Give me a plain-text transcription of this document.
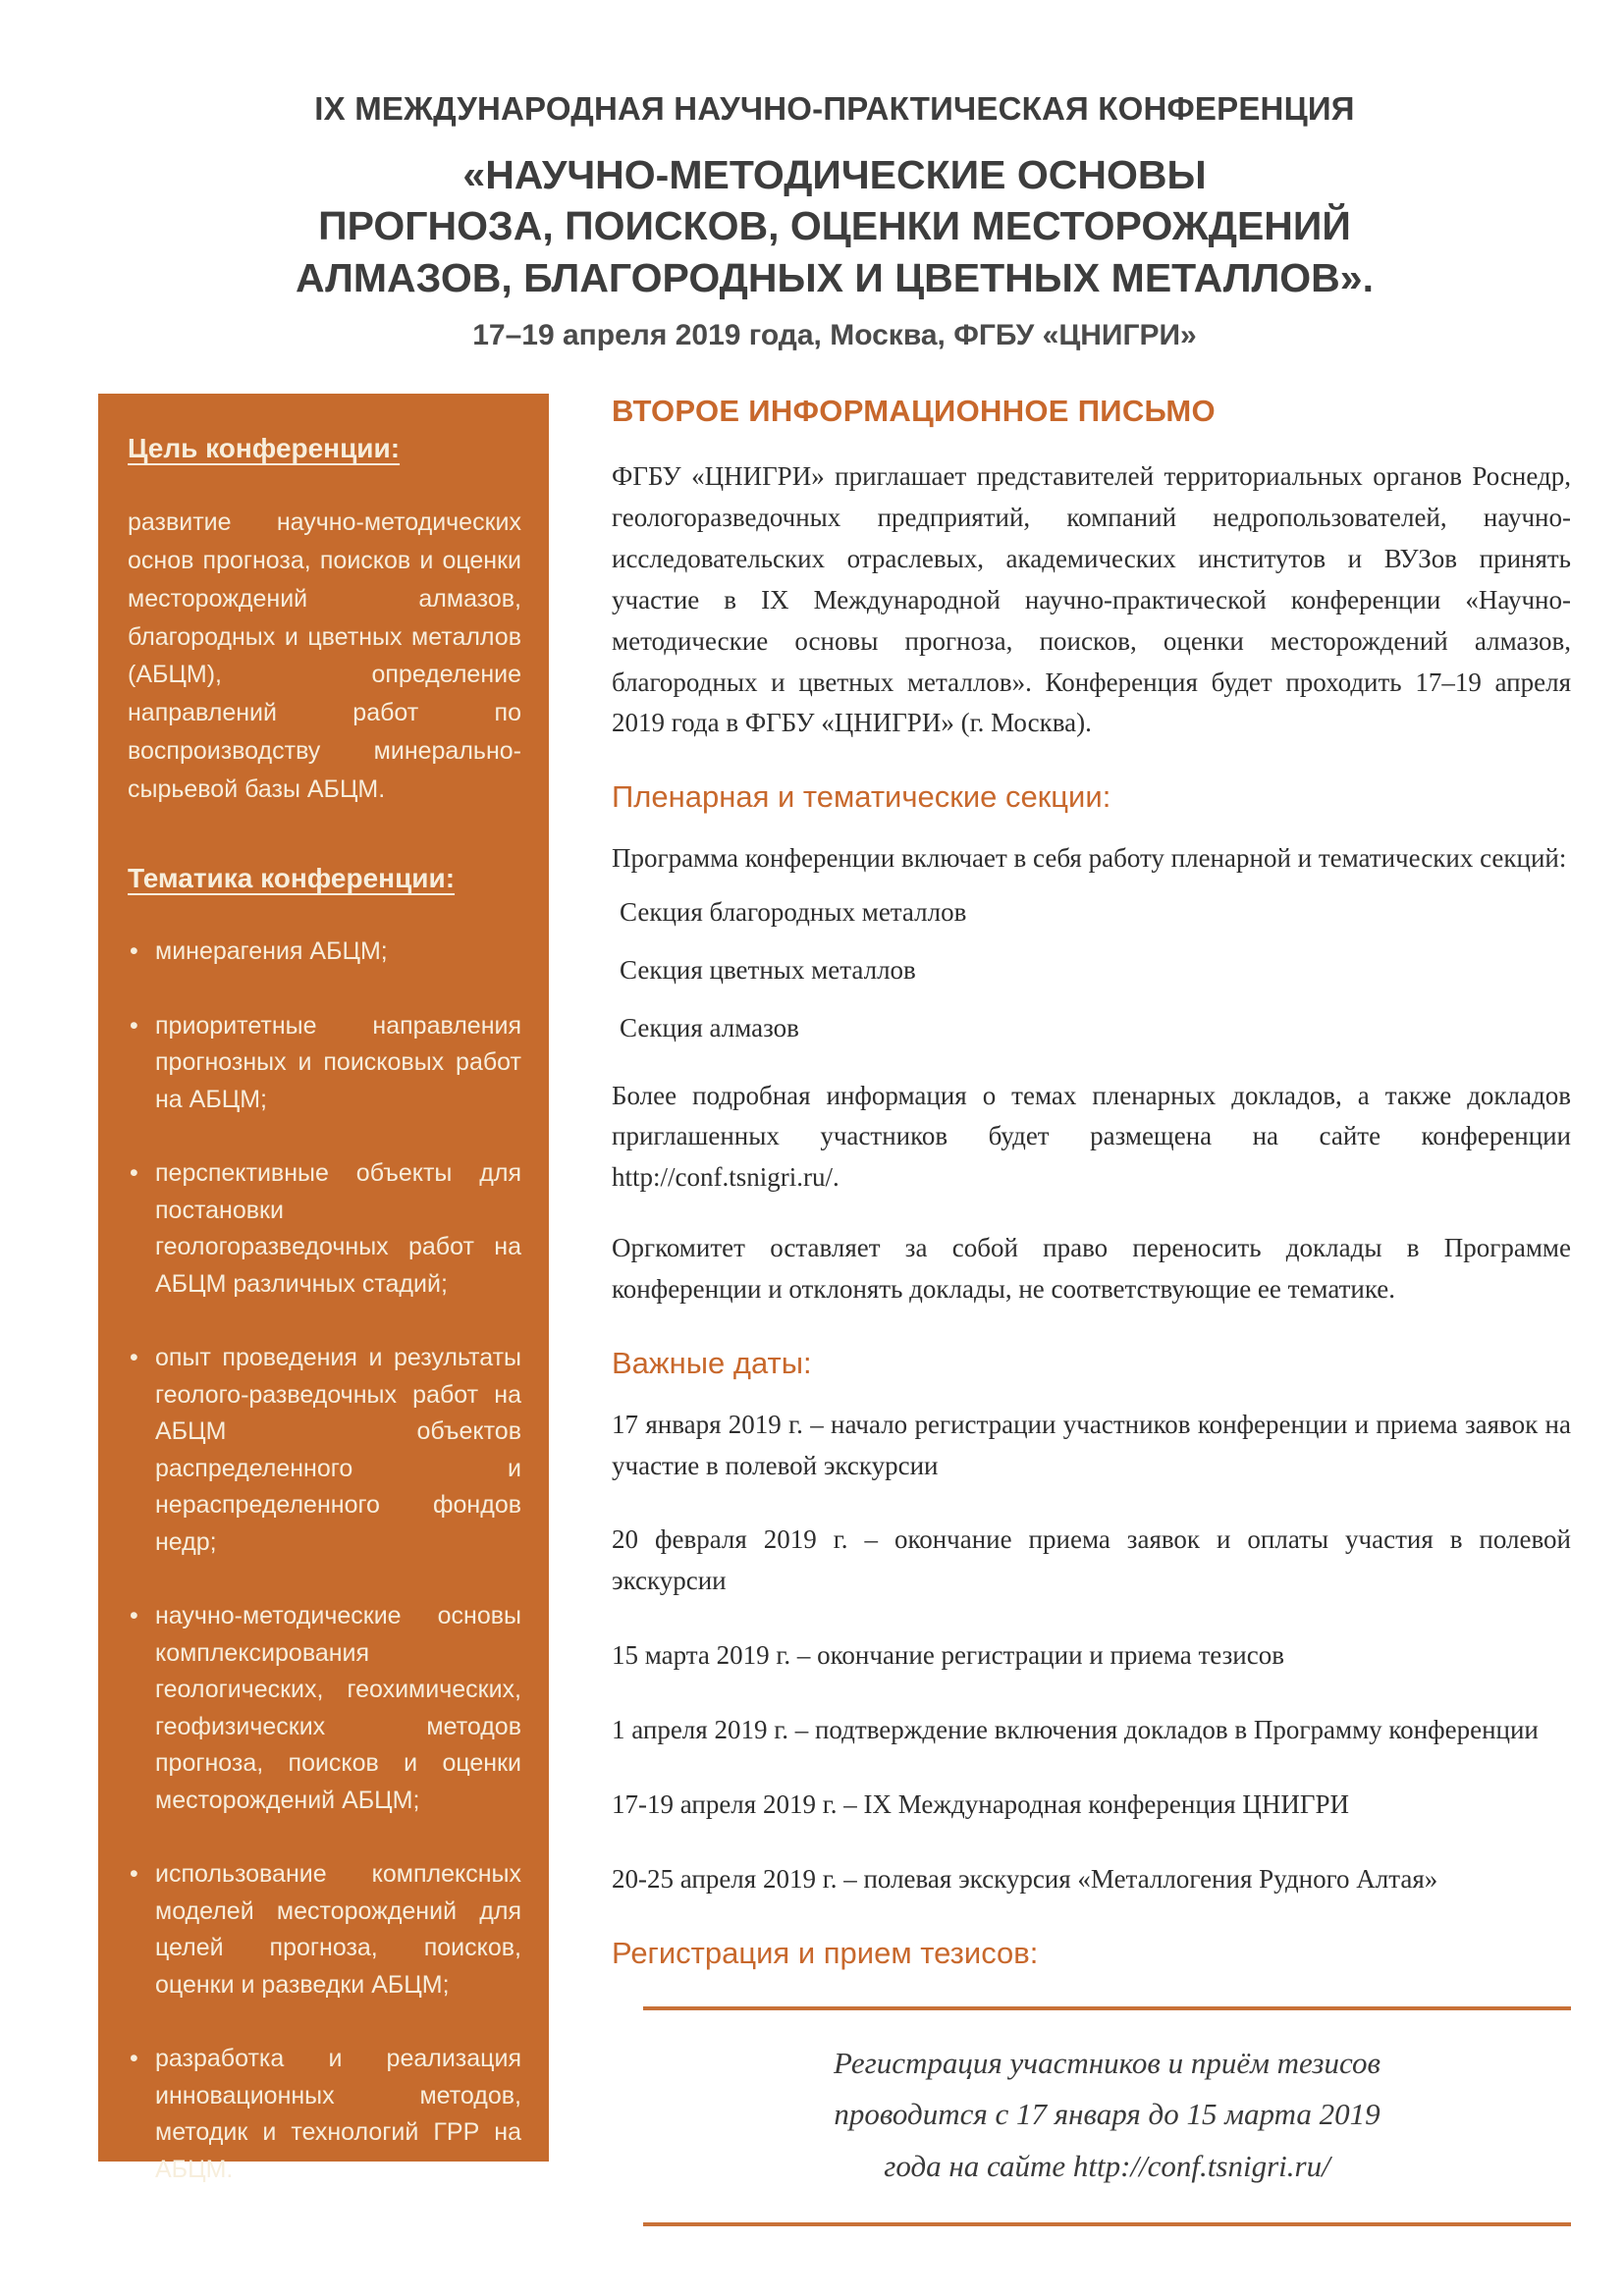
IX МЕЖДУНАРОДНАЯ НАУЧНО-ПРАКТИЧЕСКАЯ КОНФЕРЕНЦИЯ
«НАУЧНО-МЕТОДИЧЕСКИЕ ОСНОВЫ
ПРОГНОЗА, ПОИСКОВ, ОЦЕНКИ МЕСТОРОЖДЕНИЙ
АЛМАЗОВ, БЛАГОРОДНЫХ И ЦВЕТНЫХ МЕТАЛЛОВ».
17–19 апреля 2019 года, Москва, ФГБУ «ЦНИГРИ»
Цель конференции:

развитие научно-методических основ прогноза, поисков и оценки месторождений алмазов, благородных и цветных металлов (АБЦМ), определение направлений работ по воспроизводству минерально-сырьевой базы АБЦМ.

Тематика конференции:
• минерагения АБЦМ;
• приоритетные направления прогнозных и поисковых работ на АБЦМ;
• перспективные объекты для постановки геологоразведочных работ на АБЦМ различных стадий;
• опыт проведения и результаты геолого-разведочных работ на АБЦМ объектов распределенного и нераспределенного фондов недр;
• научно-методические основы комплексирования геологических, геохимических, геофизических методов прогноза, поисков и оценки месторождений АБЦМ;
• использование комплексных моделей месторождений для целей прогноза, поисков, оценки и разведки АБЦМ;
• разработка и реализация инновационных методов, методик и технологий ГРР на АБЦМ.
ВТОРОЕ ИНФОРМАЦИОННОЕ ПИСЬМО

ФГБУ «ЦНИГРИ» приглашает представителей территориальных органов Роснедр, геологоразведочных предприятий, компаний недропользователей, научно-исследовательских отраслевых, академических институтов и ВУЗов принять участие в IX Международной научно-практической конференции «Научно-методические основы прогноза, поисков, оценки месторождений алмазов, благородных и цветных металлов». Конференция будет проходить 17–19 апреля 2019 года в ФГБУ «ЦНИГРИ» (г. Москва).

Пленарная и тематические секции:

Программа конференции включает в себя работу пленарной и тематических секций:

Секция благородных металлов
Секция цветных металлов
Секция алмазов

Более подробная информация о темах пленарных докладов, а также докладов приглашенных участников будет размещена на сайте конференции http://conf.tsnigri.ru/.

Оргкомитет оставляет за собой право переносить доклады в Программе конференции и отклонять доклады, не соответствующие ее тематике.

Важные даты:

17 января 2019 г. – начало регистрации участников конференции и приема заявок на участие в полевой экскурсии

20 февраля 2019 г. – окончание приема заявок и оплаты участия в полевой экскурсии

15 марта 2019 г. – окончание регистрации и приема тезисов

1 апреля 2019 г. – подтверждение включения докладов в Программу конференции

17-19 апреля 2019 г. – IX Международная конференция ЦНИГРИ

20-25 апреля 2019 г. – полевая экскурсия «Металлогения Рудного Алтая»

Регистрация и прием тезисов:
Регистрация участников и приём тезисов
проводится с 17 января до 15 марта 2019
года на сайте http://conf.tsnigri.ru/
